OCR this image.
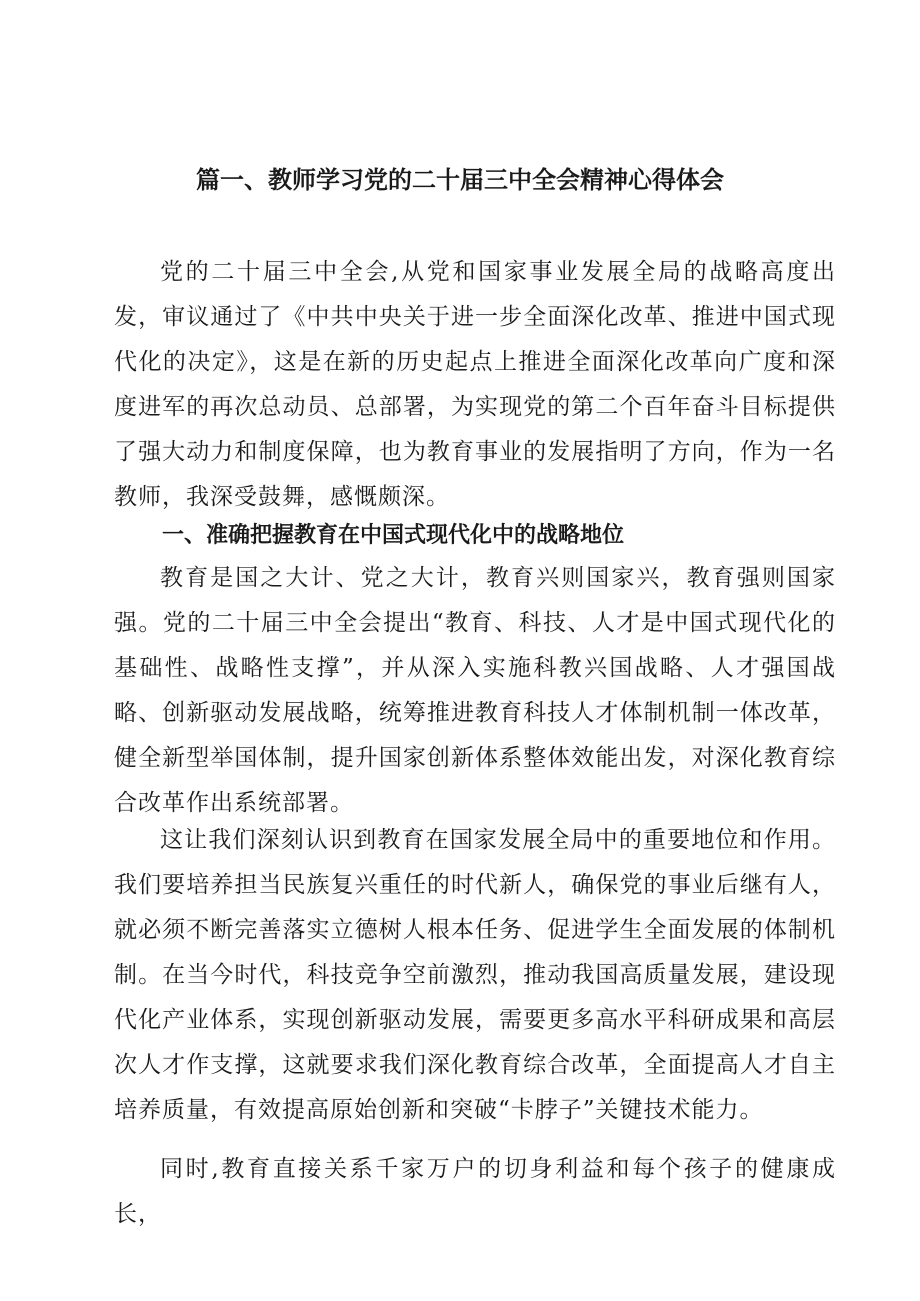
篇一、教师学习党的二十届三中全会精神心得体会

党的二十届三中全会,从党和国家事业发展全局的战略高度出发，审议通过了《中共中央关于进一步全面深化改革、推进中国式现代化的决定》，这是在新的历史起点上推进全面深化改革向广度和深度进军的再次总动员、总部署，为实现党的第二个百年奋斗目标提供了强大动力和制度保障，也为教育事业的发展指明了方向，作为一名教师，我深受鼓舞，感慨颇深。

一、准确把握教育在中国式现代化中的战略地位

教育是国之大计、党之大计，教育兴则国家兴，教育强则国家强。党的二十届三中全会提出“教育、科技、人才是中国式现代化的基础性、战略性支撑”，并从深入实施科教兴国战略、人才强国战略、创新驱动发展战略，统筹推进教育科技人才体制机制一体改革，健全新型举国体制，提升国家创新体系整体效能出发，对深化教育综合改革作出系统部署。

这让我们深刻认识到教育在国家发展全局中的重要地位和作用。我们要培养担当民族复兴重任的时代新人，确保党的事业后继有人，就必须不断完善落实立德树人根本任务、促进学生全面发展的体制机制。在当今时代，科技竞争空前激烈，推动我国高质量发展，建设现代化产业体系，实现创新驱动发展，需要更多高水平科研成果和高层次人才作支撑，这就要求我们深化教育综合改革，全面提高人才自主培养质量，有效提高原始创新和突破“卡脖子”关键技术能力。

同时,教育直接关系千家万户的切身利益和每个孩子的健康成长，
